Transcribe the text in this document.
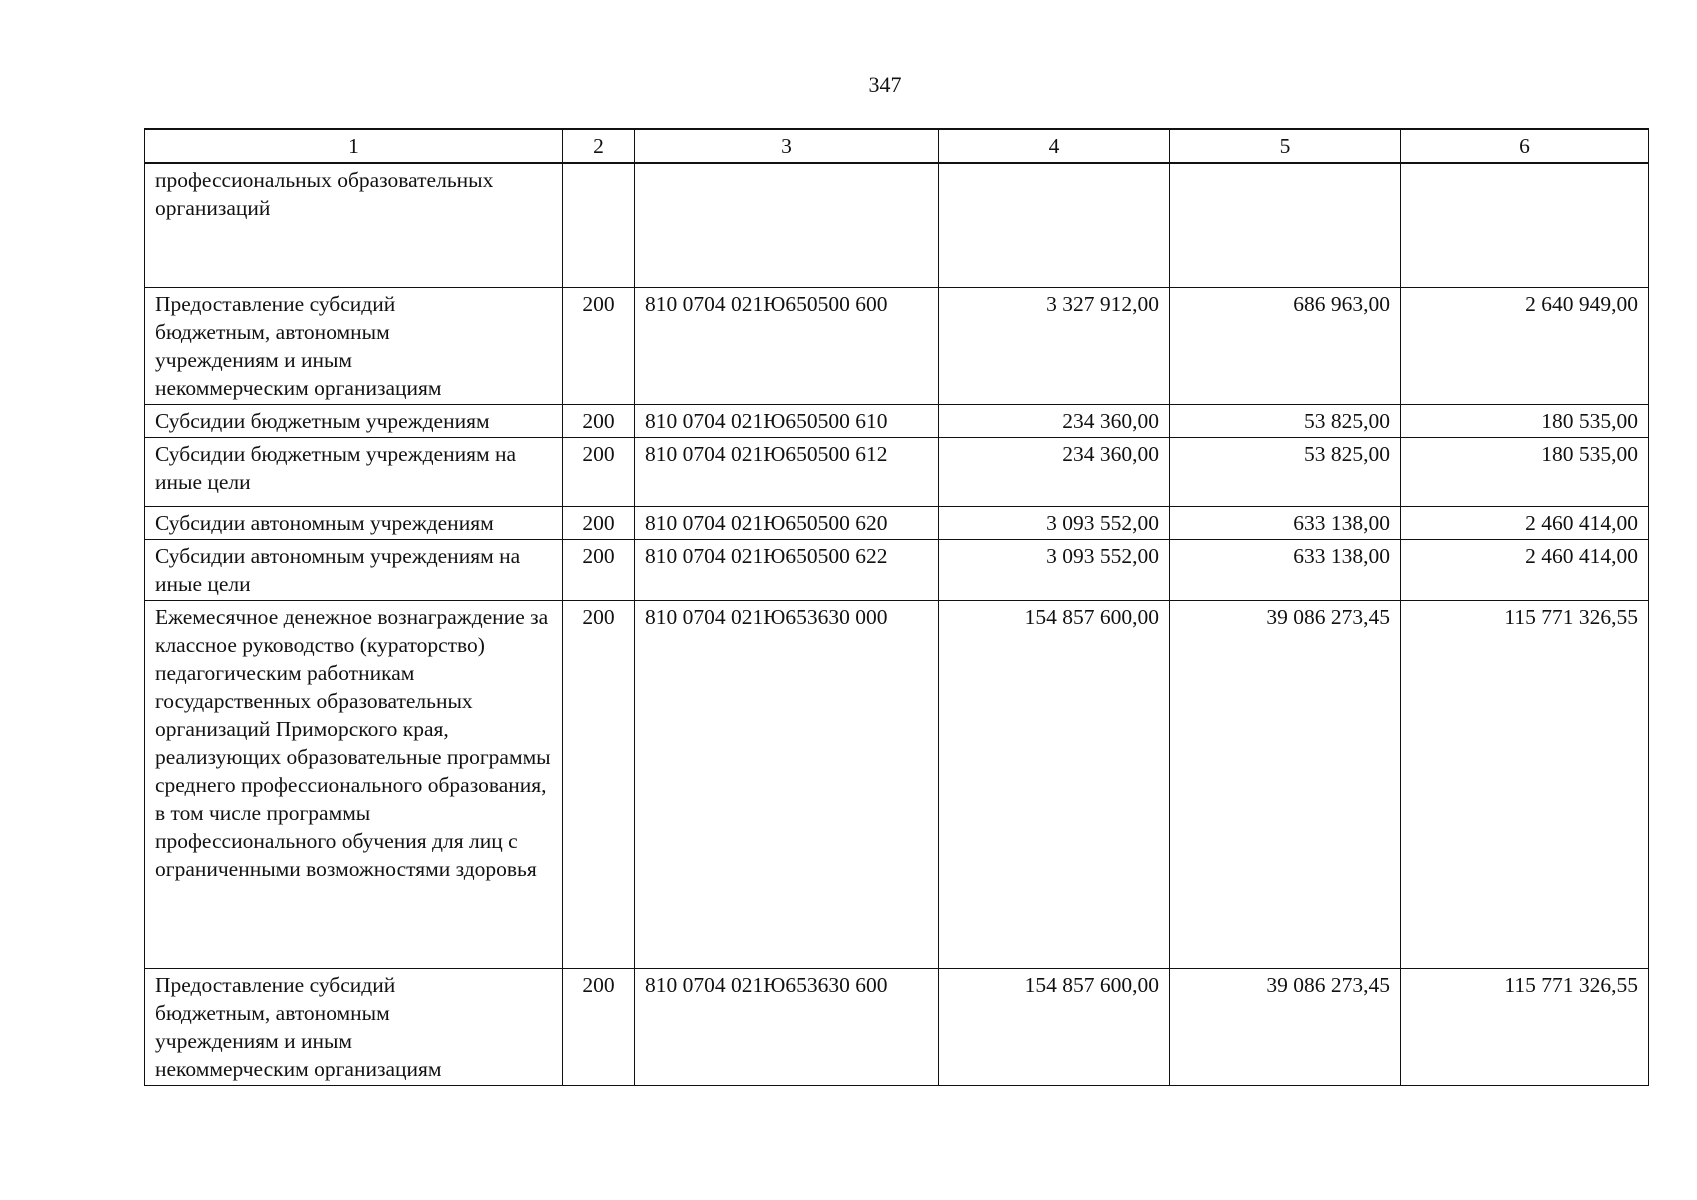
347
1	2	3	4	5	6
профессиональных образовательных организаций					
Предоставление субсидий бюджетным, автономным учреждениям и иным некоммерческим организациям	200	810 0704 021Ю650500 600	3 327 912,00	686 963,00	2 640 949,00
Субсидии бюджетным учреждениям	200	810 0704 021Ю650500 610	234 360,00	53 825,00	180 535,00
Субсидии бюджетным учреждениям на иные цели	200	810 0704 021Ю650500 612	234 360,00	53 825,00	180 535,00
Субсидии автономным учреждениям	200	810 0704 021Ю650500 620	3 093 552,00	633 138,00	2 460 414,00
Субсидии автономным учреждениям на иные цели	200	810 0704 021Ю650500 622	3 093 552,00	633 138,00	2 460 414,00
Ежемесячное денежное вознаграждение за классное руководство (кураторство) педагогическим работникам государственных образовательных организаций Приморского края, реализующих образовательные программы среднего профессионального образования, в том числе программы профессионального обучения для лиц с ограниченными возможностями здоровья	200	810 0704 021Ю653630 000	154 857 600,00	39 086 273,45	115 771 326,55
Предоставление субсидий бюджетным, автономным учреждениям и иным некоммерческим организациям	200	810 0704 021Ю653630 600	154 857 600,00	39 086 273,45	115 771 326,55
